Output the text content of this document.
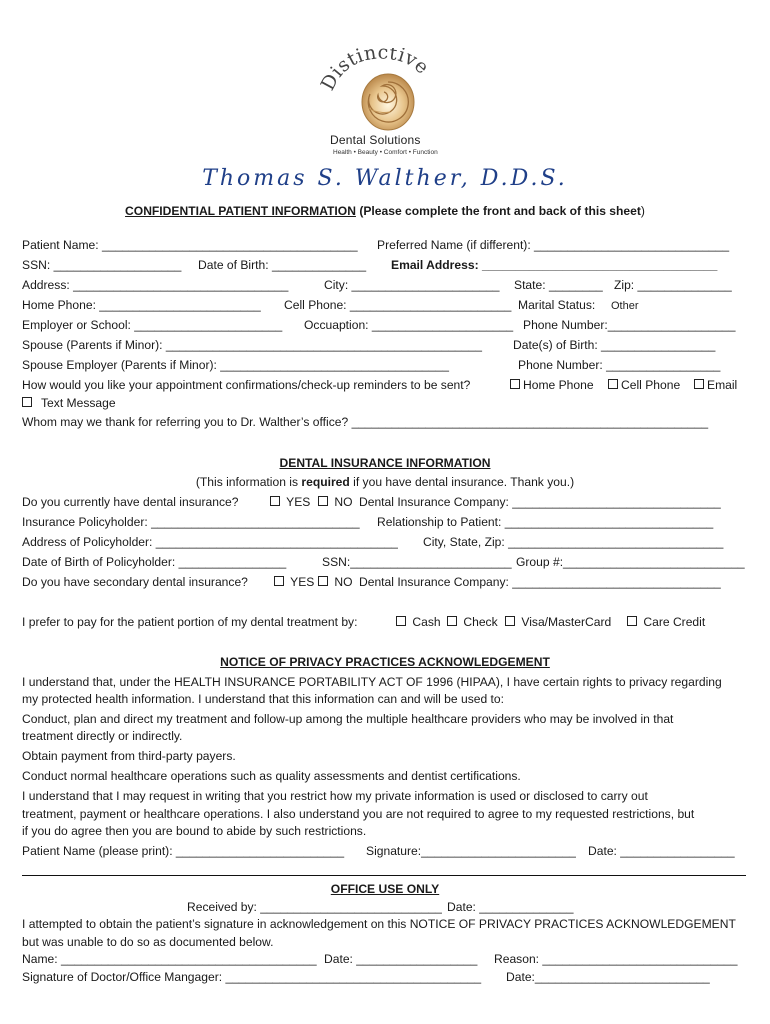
Distinctive
Dental Solutions
Health • Beauty • Comfort • Function
Thomas S. Walther, D.D.S.
CONFIDENTIAL PATIENT INFORMATION (Please complete the front and back of this sheet)
Patient Name: ______________________________________ Preferred Name (if different): _____________________________
SSN: ___________________ Date of Birth: ______________ Email Address: ___________________________________
Address: ________________________________	City: ______________________ State: ________ Zip: ______________
Home Phone: ________________________ Cell Phone: ________________________ Marital Status: Other
Employer or School: ______________________ Occuaption: _____________________ Phone Number:___________________
Spouse (Parents if Minor): _______________________________________________	Date(s) of Birth: _________________
Spouse Employer (Parents if Minor): __________________________________	Phone Number: _________________
How would you like your appointment confirmations/check-up reminders to be sent?	Home Phone	Cell Phone	Email
Text Message
Whom may we thank for referring you to Dr. Walther’s office? _____________________________________________________
DENTAL INSURANCE INFORMATION
(This information is required if you have dental insurance. Thank you.)
Do you currently have dental insurance?	YES	NO Dental Insurance Company: _______________________________
Insurance Policyholder: _______________________________ Relationship to Patient: _______________________________
Address of Policyholder: ____________________________________ City, State, Zip: ________________________________
Date of Birth of Policyholder: ________________	SSN:________________________ Group #:___________________________
Do you have secondary dental insurance?	YES	NO Dental Insurance Company: _______________________________
I prefer to pay for the patient portion of my dental treatment by:	Cash	Check	Visa/MasterCard	Care Credit
NOTICE OF PRIVACY PRACTICES ACKNOWLEDGEMENT
I understand that, under the HEALTH INSURANCE PORTABILITY ACT OF 1996 (HIPAA), I have certain rights to privacy regarding
my protected health information. I understand that this information can and will be used to:
Conduct, plan and direct my treatment and follow-up among the multiple healthcare providers who may be involved in that
treatment directly or indirectly.
Obtain payment from third-party payers.
Conduct normal healthcare operations such as quality assessments and dentist certifications.
I understand that I may request in writing that you restrict how my private information is used or disclosed to carry out
treatment, payment or healthcare operations. I also understand you are not required to agree to my requested restrictions, but
if you do agree then you are bound to abide by such restrictions.
Patient Name (please print): _________________________ Signature:_______________________ Date: _________________
OFFICE USE ONLY
Received by: ___________________________ Date: ______________
I attempted to obtain the patient’s signature in acknowledgement on this NOTICE OF PRIVACY PRACTICES ACKNOWLEDGEMENT
but was unable to do so as documented below.
Name: ______________________________________ Date: __________________ Reason: _____________________________
Signature of Doctor/Office Mangager: ______________________________________ Date:__________________________
